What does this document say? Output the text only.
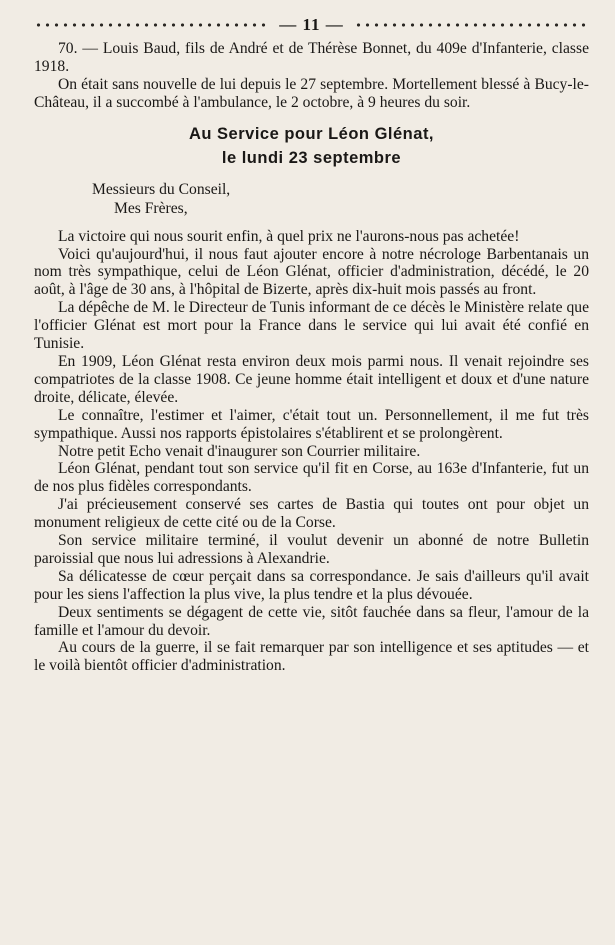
— 11 —

70. — Louis Baud, fils de André et de Thérèse Bonnet, du 409e d'Infanterie, classe 1918.

On était sans nouvelle de lui depuis le 27 septembre. Mortellement blessé à Bucy-le-Château, il a succombé à l'ambulance, le 2 octobre, à 9 heures du soir.

Au Service pour Léon Glénat,
le lundi 23 septembre
Messieurs du Conseil,
Mes Frères,

La victoire qui nous sourit enfin, à quel prix ne l'aurons-nous pas achetée!

Voici qu'aujourd'hui, il nous faut ajouter encore à notre nécrologe Barbentanais un nom très sympathique, celui de Léon Glénat, officier d'administration, décédé, le 20 août, à l'âge de 30 ans, à l'hôpital de Bizerte, après dix-huit mois passés au front.

La dépêche de M. le Directeur de Tunis informant de ce décès le Ministère relate que l'officier Glénat est mort pour la France dans le service qui lui avait été confié en Tunisie.

En 1909, Léon Glénat resta environ deux mois parmi nous. Il venait rejoindre ses compatriotes de la classe 1908. Ce jeune homme était intelligent et doux et d'une nature droite, délicate, élevée.

Le connaître, l'estimer et l'aimer, c'était tout un. Personnellement, il me fut très sympathique. Aussi nos rapports épistolaires s'établirent et se prolongèrent.

Notre petit Echo venait d'inaugurer son Courrier militaire.

Léon Glénat, pendant tout son service qu'il fit en Corse, au 163e d'Infanterie, fut un de nos plus fidèles correspondants.

J'ai précieusement conservé ses cartes de Bastia qui toutes ont pour objet un monument religieux de cette cité ou de la Corse.

Son service militaire terminé, il voulut devenir un abonné de notre Bulletin paroissial que nous lui adressions à Alexandrie.

Sa délicatesse de cœur perçait dans sa correspondance. Je sais d'ailleurs qu'il avait pour les siens l'affection la plus vive, la plus tendre et la plus dévouée.

Deux sentiments se dégagent de cette vie, sitôt fauchée dans sa fleur, l'amour de la famille et l'amour du devoir.

Au cours de la guerre, il se fait remarquer par son intelligence et ses aptitudes — et le voilà bientôt officier d'administration.
